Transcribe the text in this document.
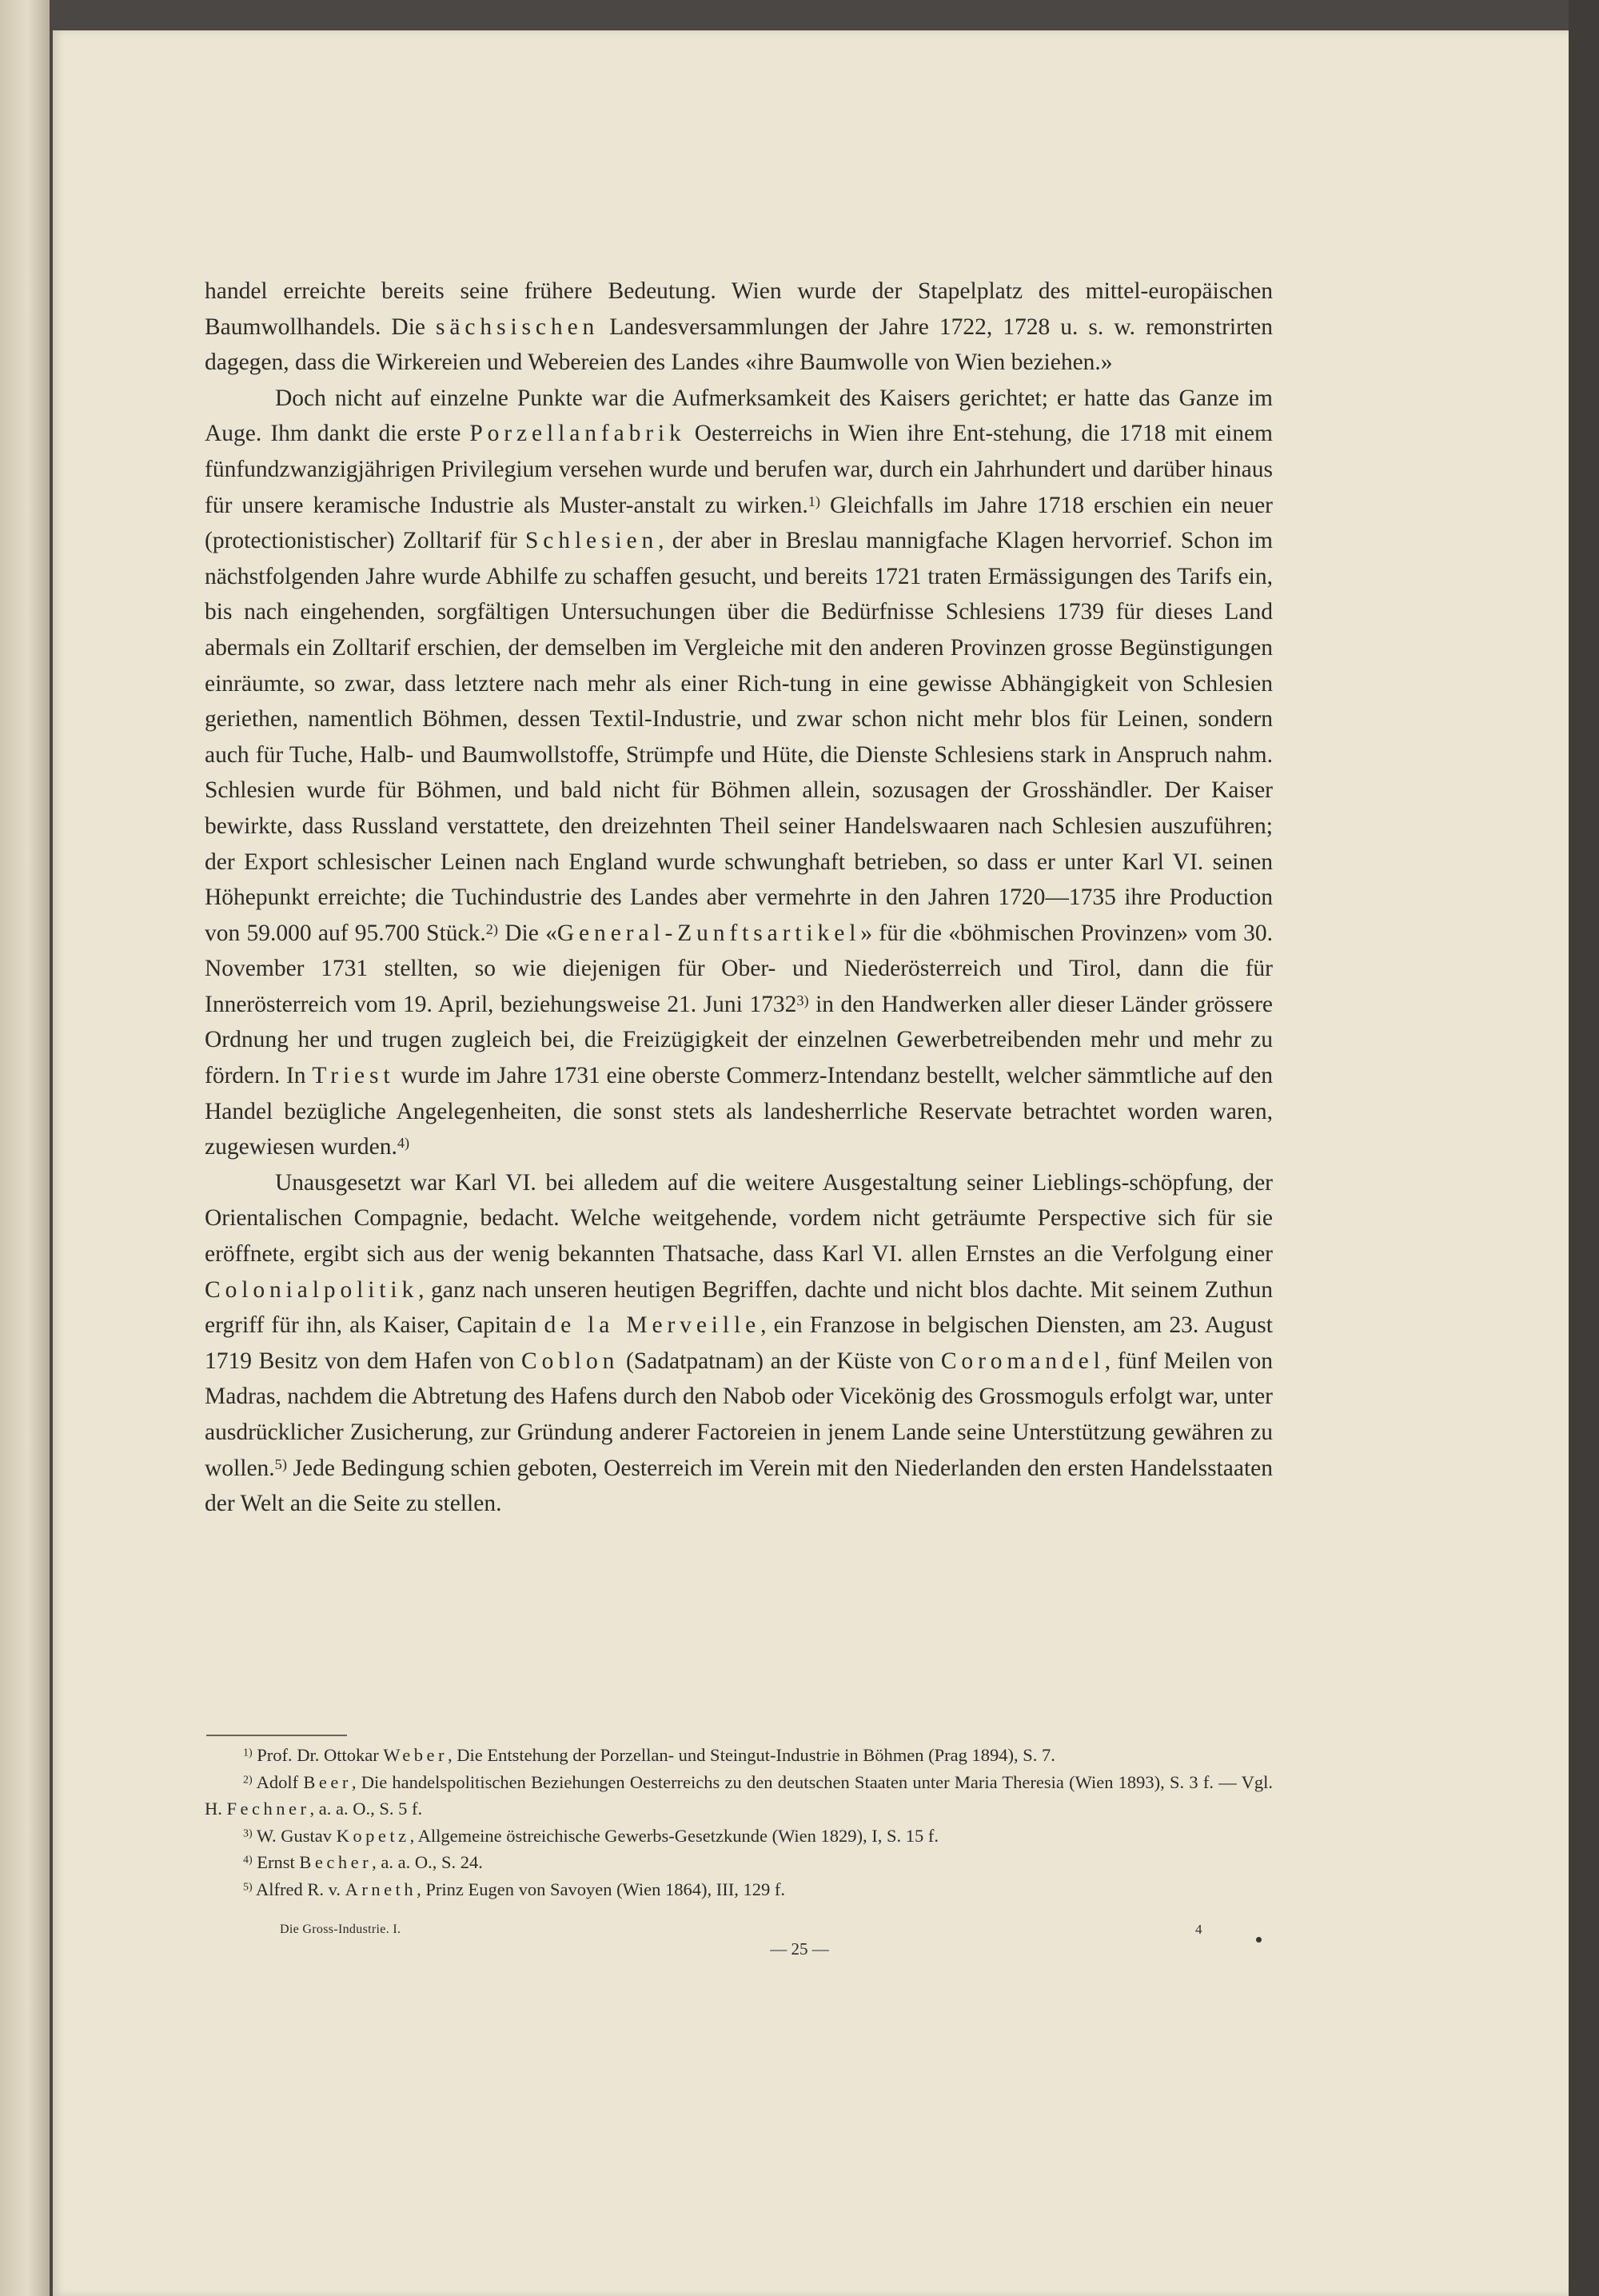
handel erreichte bereits seine frühere Bedeutung. Wien wurde der Stapelplatz des mittel-europäischen Baumwollhandels. Die sächsischen Landesversammlungen der Jahre 1722, 1728 u. s. w. remonstrirten dagegen, dass die Wirkereien und Webereien des Landes «ihre Baumwolle von Wien beziehen.»

Doch nicht auf einzelne Punkte war die Aufmerksamkeit des Kaisers gerichtet; er hatte das Ganze im Auge. Ihm dankt die erste Porzellanfabrik Oesterreichs in Wien ihre Ent-stehung, die 1718 mit einem fünfundzwanzigjährigen Privilegium versehen wurde und berufen war, durch ein Jahrhundert und darüber hinaus für unsere keramische Industrie als Muster-anstalt zu wirken.$^{1)}$ Gleichfalls im Jahre 1718 erschien ein neuer (protectionistischer) Zolltarif für Schlesien, der aber in Breslau mannigfache Klagen hervorrief. Schon im nächstfolgenden Jahre wurde Abhilfe zu schaffen gesucht, und bereits 1721 traten Ermässigungen des Tarifs ein, bis nach eingehenden, sorgfältigen Untersuchungen über die Bedürfnisse Schlesiens 1739 für dieses Land abermals ein Zolltarif erschien, der demselben im Vergleiche mit den anderen Provinzen grosse Begünstigungen einräumte, so zwar, dass letztere nach mehr als einer Rich-tung in eine gewisse Abhängigkeit von Schlesien geriethen, namentlich Böhmen, dessen Textil-Industrie, und zwar schon nicht mehr blos für Leinen, sondern auch für Tuche, Halb- und Baumwollstoffe, Strümpfe und Hüte, die Dienste Schlesiens stark in Anspruch nahm. Schlesien wurde für Böhmen, und bald nicht für Böhmen allein, sozusagen der Grosshändler. Der Kaiser bewirkte, dass Russland verstattete, den dreizehnten Theil seiner Handelswaaren nach Schlesien auszuführen; der Export schlesischer Leinen nach England wurde schwunghaft betrieben, so dass er unter Karl VI. seinen Höhepunkt erreichte; die Tuchindustrie des Landes aber vermehrte in den Jahren 1720—1735 ihre Production von 59.000 auf 95.700 Stück.$^{2)}$ Die «General-Zunftsartikel» für die «böhmischen Provinzen» vom 30. November 1731 stellten, so wie diejenigen für Ober- und Niederösterreich und Tirol, dann die für Innerösterreich vom 19. April, beziehungsweise 21. Juni 1732$^{3)}$ in den Handwerken aller dieser Länder grössere Ordnung her und trugen zugleich bei, die Freizügigkeit der einzelnen Gewerbetreibenden mehr und mehr zu fördern. In Triest wurde im Jahre 1731 eine oberste Commerz-Intendanz bestellt, welcher sämmtliche auf den Handel bezügliche Angelegenheiten, die sonst stets als landesherrliche Reservate betrachtet worden waren, zugewiesen wurden.$^{4)}$

Unausgesetzt war Karl VI. bei alledem auf die weitere Ausgestaltung seiner Lieblings-schöpfung, der Orientalischen Compagnie, bedacht. Welche weitgehende, vordem nicht geträumte Perspective sich für sie eröffnete, ergibt sich aus der wenig bekannten Thatsache, dass Karl VI. allen Ernstes an die Verfolgung einer Colonialpolitik, ganz nach unseren heutigen Begriffen, dachte und nicht blos dachte. Mit seinem Zuthun ergriff für ihn, als Kaiser, Capitain de la Merveille, ein Franzose in belgischen Diensten, am 23. August 1719 Besitz von dem Hafen von Coblon (Sadatpatnam) an der Küste von Coromandel, fünf Meilen von Madras, nachdem die Abtretung des Hafens durch den Nabob oder Vicekönig des Grossmoguls erfolgt war, unter ausdrücklicher Zusicherung, zur Gründung anderer Factoreien in jenem Lande seine Unterstützung gewähren zu wollen.$^{5)}$ Jede Bedingung schien geboten, Oesterreich im Verein mit den Niederlanden den ersten Handelsstaaten der Welt an die Seite zu stellen.

$^{1)}$ Prof. Dr. Ottokar Weber, Die Entstehung der Porzellan- und Steingut-Industrie in Böhmen (Prag 1894), S. 7.

$^{2)}$ Adolf Beer, Die handelspolitischen Beziehungen Oesterreichs zu den deutschen Staaten unter Maria Theresia (Wien 1893), S. 3 f. — Vgl. H. Fechner, a. a. O., S. 5 f.

$^{3)}$ W. Gustav Kopetz, Allgemeine östreichische Gewerbs-Gesetzkunde (Wien 1829), I, S. 15 f.

$^{4)}$ Ernst Becher, a. a. O., S. 24.

$^{5)}$ Alfred R. v. Arneth, Prinz Eugen von Savoyen (Wien 1864), III, 129 f.

Die Gross-Industrie. I.	4
— 25 —
